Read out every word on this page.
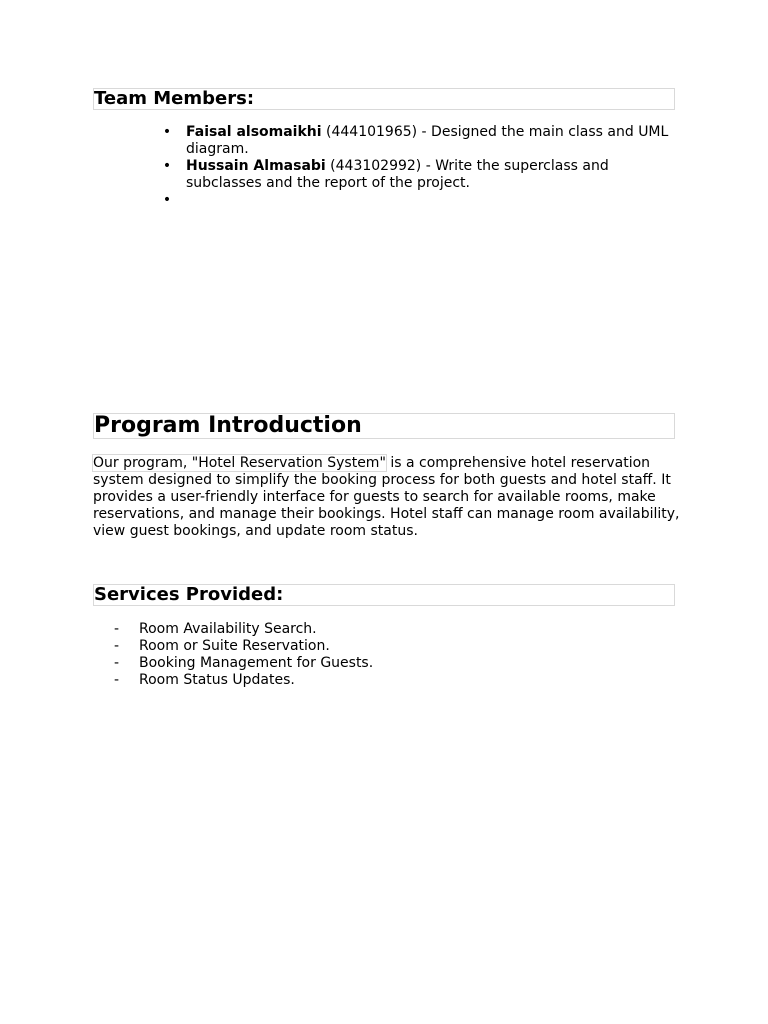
Team Members:
• Faisal alsomaikhi (444101965) - Designed the main class and UML diagram.
• Hussain Almasabi (443102992) - Write the superclass and subclasses and the report of the project.
•
Program Introduction

Our program, "Hotel Reservation System" is a comprehensive hotel reservation system designed to simplify the booking process for both guests and hotel staff. It provides a user-friendly interface for guests to search for available rooms, make reservations, and manage their bookings. Hotel staff can manage room availability, view guest bookings, and update room status.

Services Provided:
- Room Availability Search.
- Room or Suite Reservation.
- Booking Management for Guests.
- Room Status Updates.
